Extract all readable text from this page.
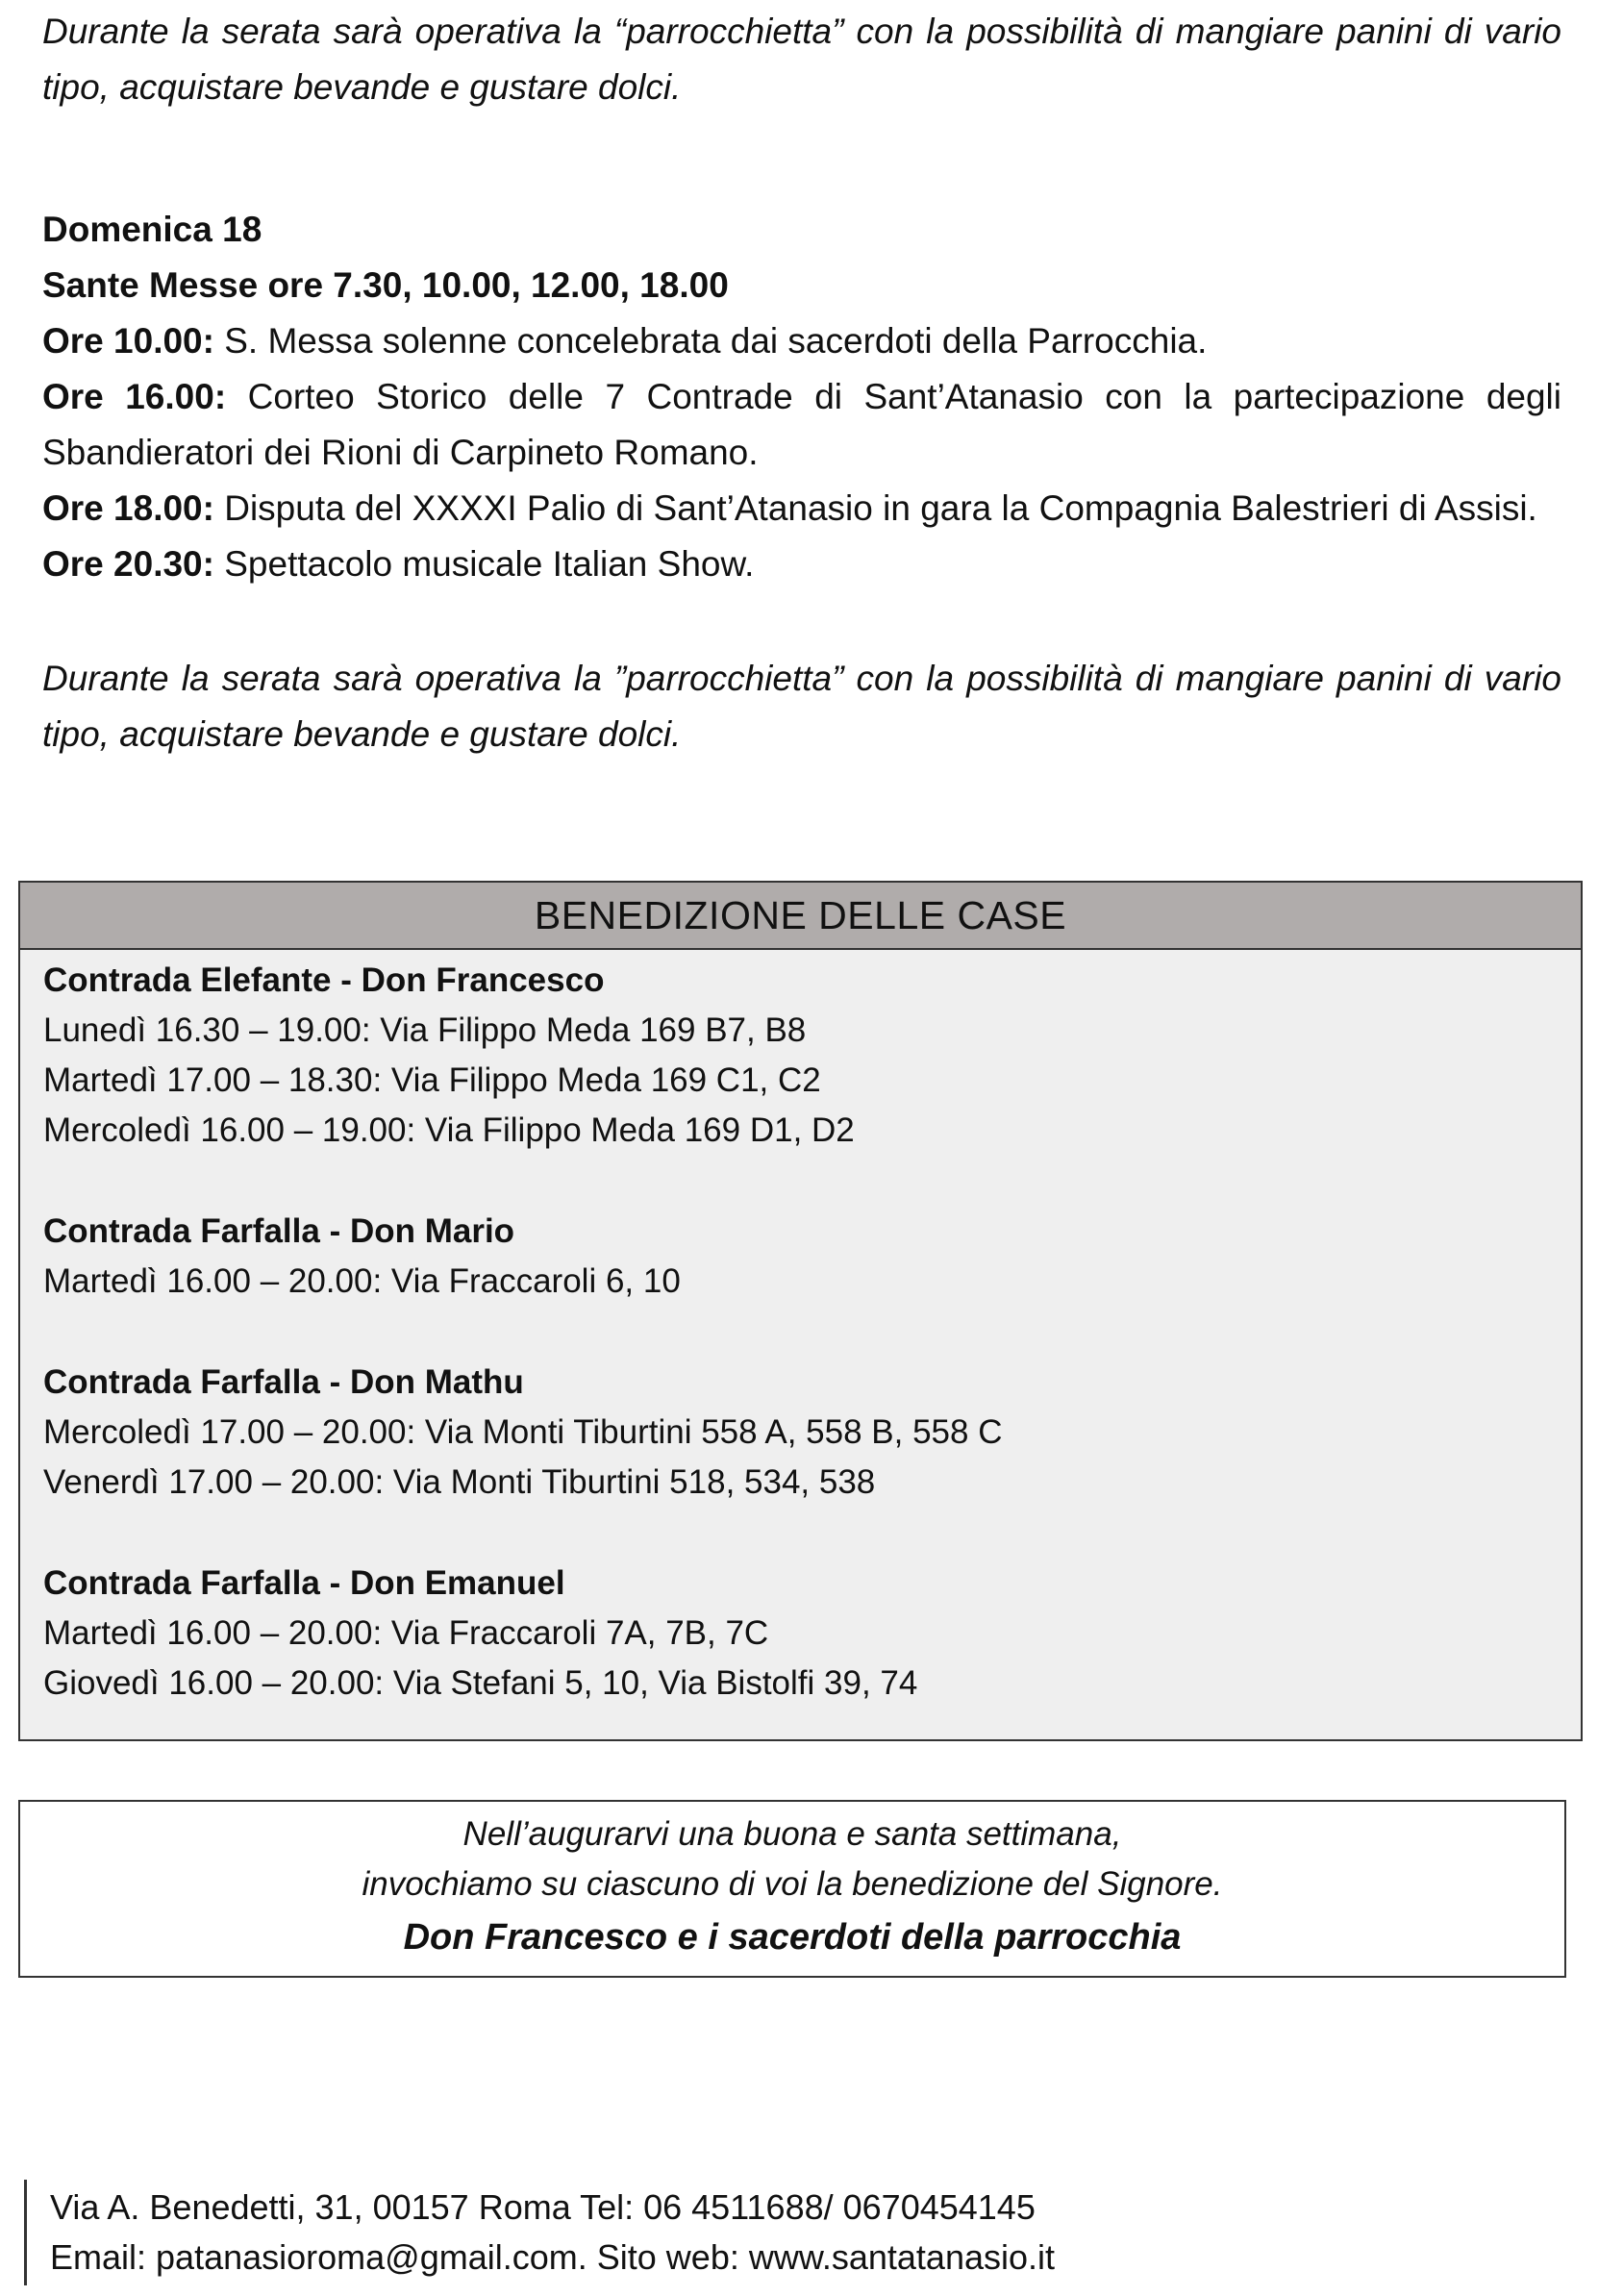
Durante la serata sarà operativa la “parrocchietta” con la possibilità di mangiare panini di vario tipo, acquistare bevande e gustare dolci.

Domenica 18
Sante Messe ore 7.30, 10.00, 12.00, 18.00
Ore 10.00: S. Messa solenne concelebrata dai sacerdoti della Parrocchia.
Ore 16.00: Corteo Storico delle 7 Contrade di Sant’Atanasio con la partecipazione degli Sbandieratori dei Rioni di Carpineto Romano.
Ore 18.00: Disputa del XXXXI Palio di Sant’Atanasio in gara la Compagnia Balestrieri di Assisi.
Ore 20.30: Spettacolo musicale Italian Show.

Durante la serata sarà operativa la ”parrocchietta” con la possibilità di mangiare panini di vario tipo, acquistare bevande e gustare dolci.

BENEDIZIONE DELLE CASE
Contrada Elefante - Don Francesco
Lunedì 16.30 – 19.00: Via Filippo Meda 169 B7, B8
Martedì 17.00 – 18.30: Via Filippo Meda 169 C1, C2
Mercoledì 16.00 – 19.00: Via Filippo Meda 169 D1, D2
Contrada Farfalla - Don Mario
Martedì 16.00 – 20.00: Via Fraccaroli 6, 10
Contrada Farfalla - Don Mathu
Mercoledì 17.00 – 20.00: Via Monti Tiburtini 558 A, 558 B, 558 C
Venerdì 17.00 – 20.00: Via Monti Tiburtini 518, 534, 538
Contrada Farfalla - Don Emanuel
Martedì 16.00 – 20.00: Via Fraccaroli 7A, 7B, 7C
Giovedì 16.00 – 20.00: Via Stefani 5, 10, Via Bistolfi 39, 74
Nell’augurarvi una buona e santa settimana,
invochiamo su ciascuno di voi la benedizione del Signore.
Don Francesco e i sacerdoti della parrocchia
Via A. Benedetti, 31, 00157 Roma Tel: 06 4511688/ 0670454145
Email: patanasioroma@gmail.com. Sito web: www.santatanasio.it
